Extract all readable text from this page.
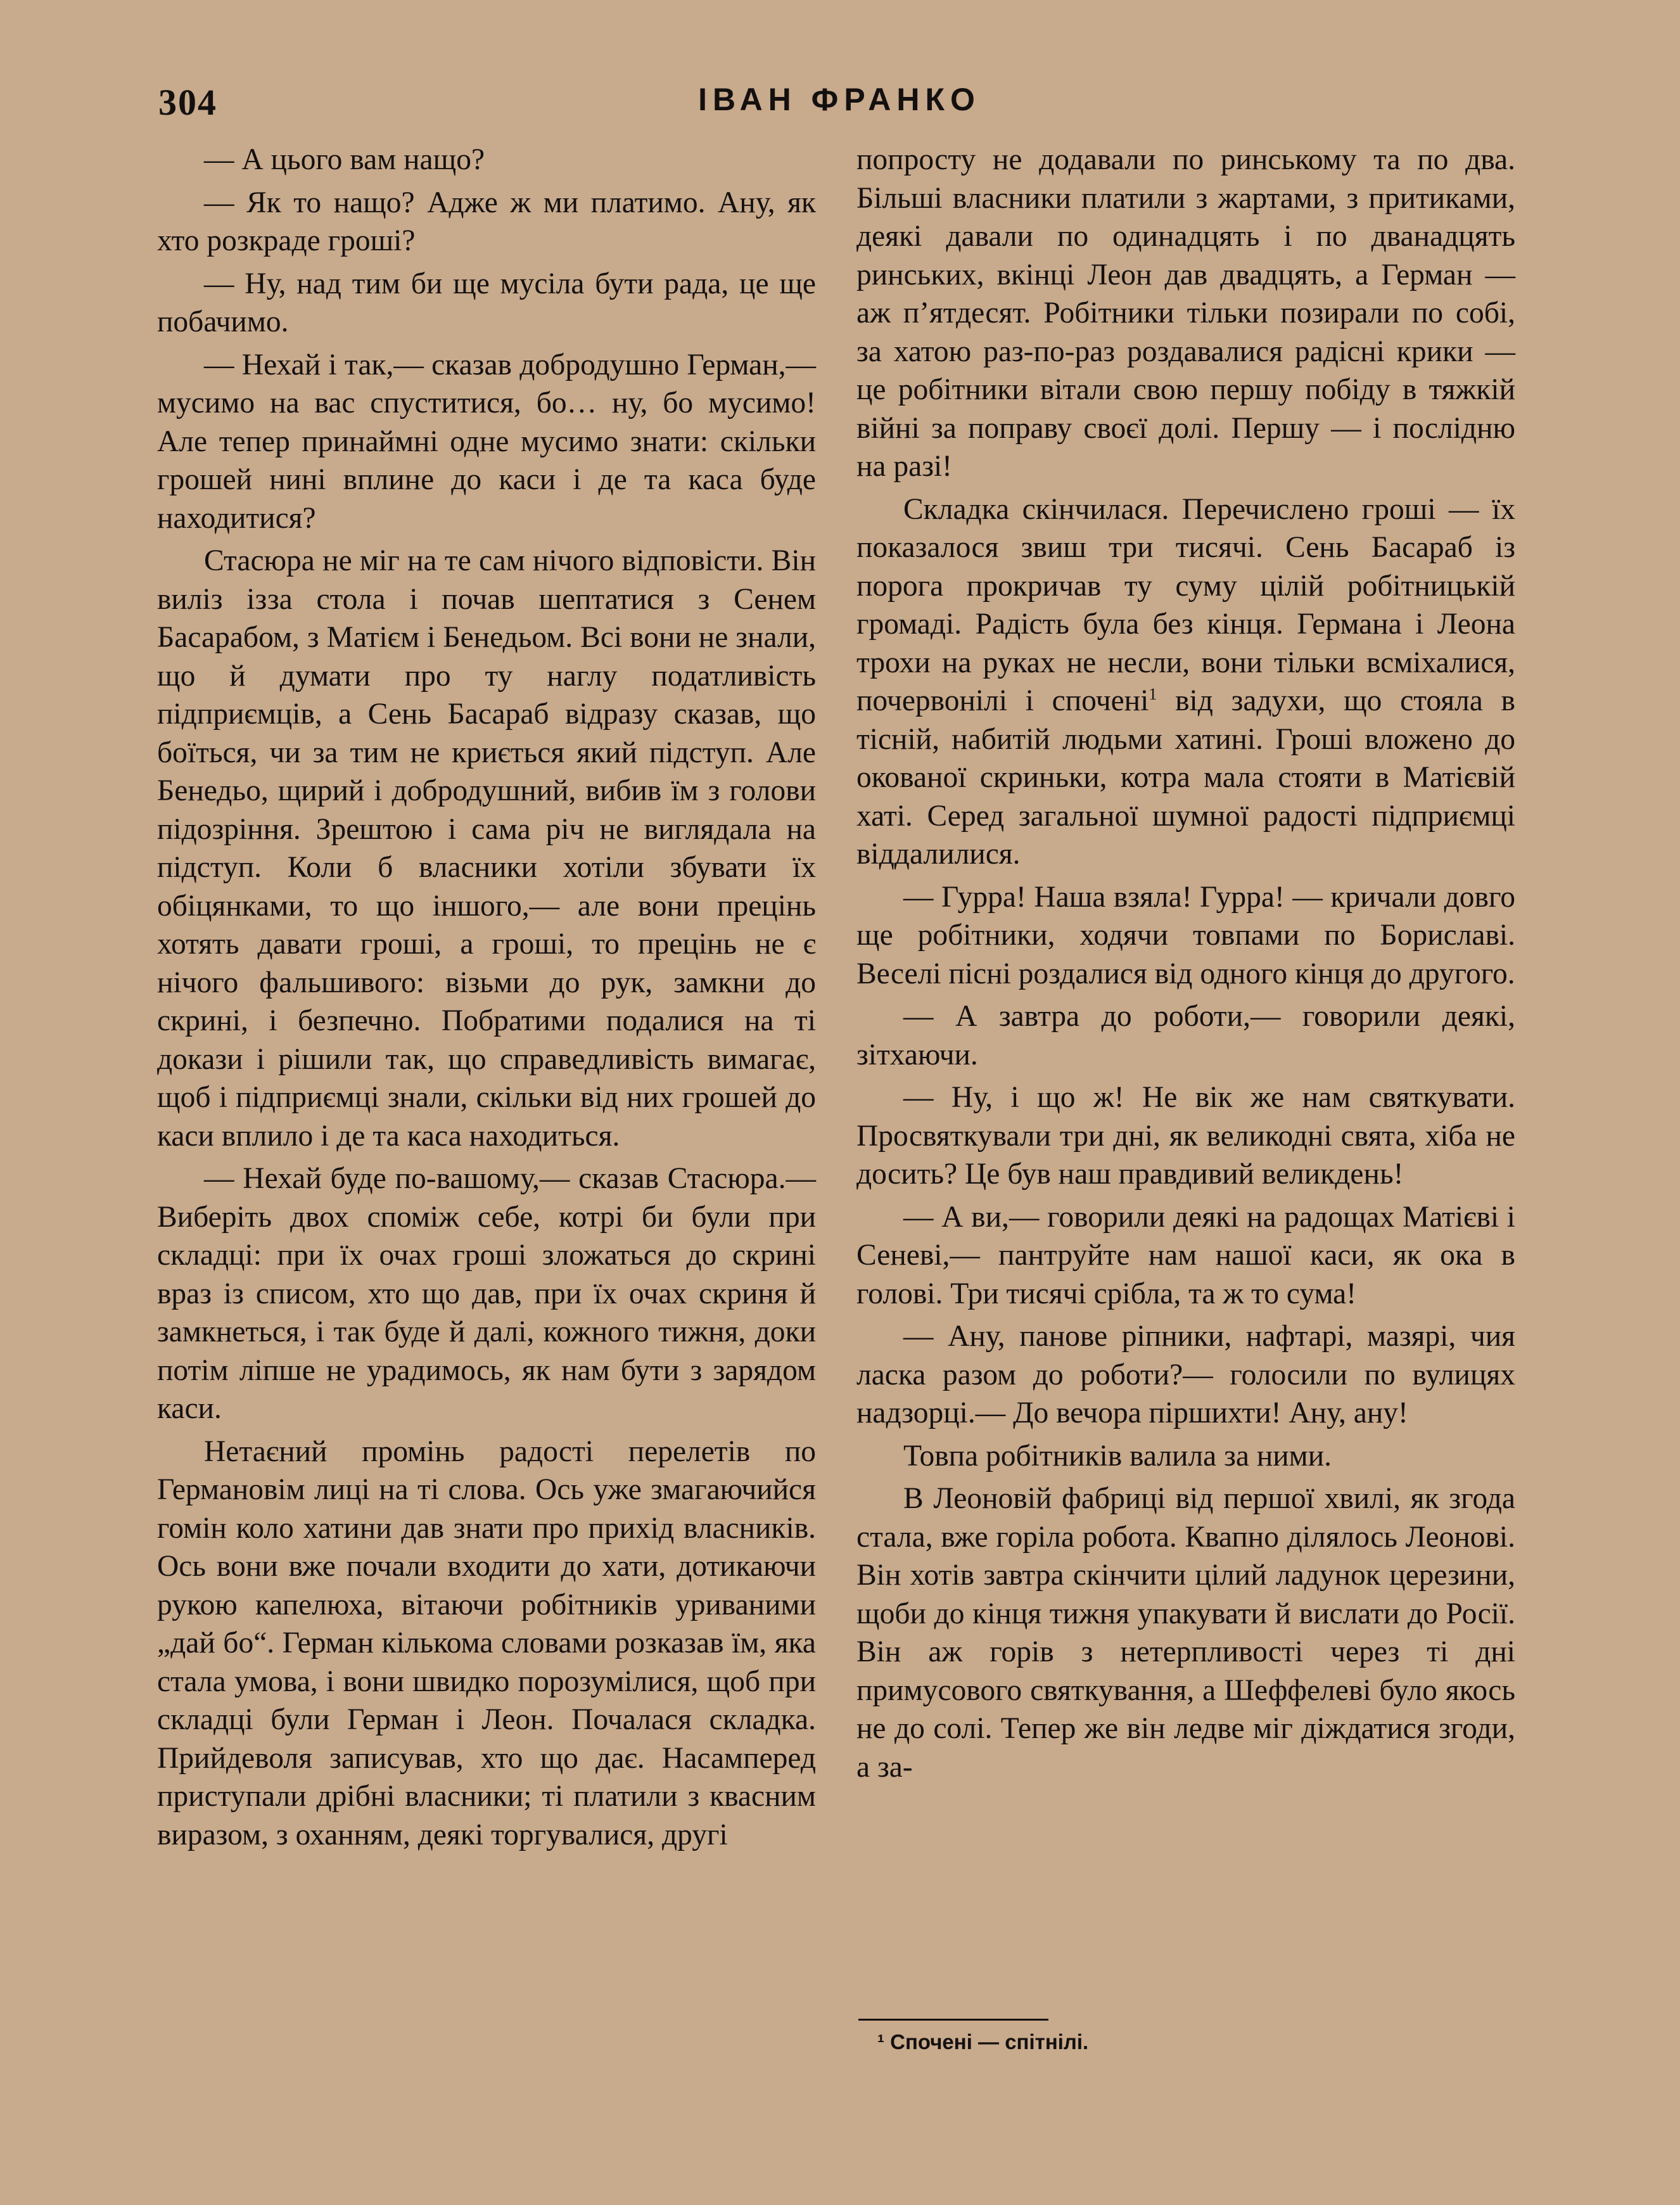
304	ІВАН ФРАНКО

— А цього вам нащо?

— Як то нащо? Адже ж ми платимо. Ану, як хто розкраде гроші?

— Ну, над тим би ще мусіла бути рада, це ще побачимо.

— Нехай і так,— сказав добродушно Герман,— мусимо на вас спуститися, бо… ну, бо мусимо! Але тепер принаймні одне мусимо знати: скільки грошей нині вплине до каси і де та каса буде находитися?

Стасюра не міг на те сам нічого відповісти. Він виліз ізза стола і почав шептатися з Сенем Басарабом, з Матієм і Бенедьом. Всі вони не знали, що й думати про ту наглу податливість підприємців, а Сень Басараб відразу сказав, що боїться, чи за тим не криється який підступ. Але Бенедьо, щирий і добродушний, вибив їм з голови підозріння. Зрештою і сама річ не виглядала на підступ. Коли б власники хотіли збувати їх обіцянками, то що іншого,— але вони прецінь хотять давати гроші, а гроші, то прецінь не є нічого фальшивого: візьми до рук, замкни до скрині, і безпечно. Побратими подалися на ті докази і рішили так, що справедливість вимагає, щоб і підприємці знали, скільки від них грошей до каси вплило і де та каса находиться.

— Нехай буде по-вашому,— сказав Стасюра.— Виберіть двох споміж себе, котрі би були при складці: при їх очах гроші зложаться до скрині враз із списом, хто що дав, при їх очах скриня й замкнеться, і так буде й далі, кожного тижня, доки потім ліпше не урадимось, як нам бути з зарядом каси.

Нетаєний промінь радості перелетів по Германовім лиці на ті слова. Ось уже змагаючийся гомін коло хатини дав знати про прихід власників. Ось вони вже почали входити до хати, дотикаючи рукою капелюха, вітаючи робітників уриваними „дай бо“. Герман кількома словами розказав їм, яка стала умова, і вони швидко порозумілися, щоб при складці були Герман і Леон. Почалася складка. Прийдеволя записував, хто що дає. Насамперед приступали дрібні власники; ті платили з квасним виразом, з оханням, деякі торгувалися, другі

попросту не додавали по ринському та по два. Більші власники платили з жартами, з притиками, деякі давали по одинадцять і по дванадцять ринських, вкінці Леон дав двадцять, а Герман — аж п’ятдесят. Робітники тільки позирали по собі, за хатою раз-по-раз роздавалися радісні крики — це робітники вітали свою першу побіду в тяжкій війні за поправу своєї долі. Першу — і послідню на разі!

Складка скінчилася. Перечислено гроші — їх показалося звиш три тисячі. Сень Басараб із порога прокричав ту суму цілій робітницькій громаді. Радість була без кінця. Германа і Леона трохи на руках не несли, вони тільки всміхалися, почервонілі і спочені$^1$ від задухи, що стояла в тісній, набитій людьми хатині. Гроші вложено до окованої скриньки, котра мала стояти в Матієвій хаті. Серед загальної шумної радості підприємці віддалилися.

— Гурра! Наша взяла! Гурра! — кричали довго ще робітники, ходячи товпами по Бориславі. Веселі пісні роздалися від одного кінця до другого.

— А завтра до роботи,— говорили деякі, зітхаючи.

— Ну, і що ж! Не вік же нам святкувати. Просвяткували три дні, як великодні свята, хіба не досить? Це був наш правдивий великдень!

— А ви,— говорили деякі на радощах Матієві і Сеневі,— пантруйте нам нашої каси, як ока в голові. Три тисячі срібла, та ж то сума!

— Ану, панове ріпники, нафтарі, мазярі, чия ласка разом до роботи?— голосили по вулицях надзорці.— До вечора піршихти! Ану, ану!

Товпа робітників валила за ними.

В Леоновій фабриці від першої хвилі, як згода стала, вже горіла робота. Квапно ділялось Леонові. Він хотів завтра скінчити цілий ладунок церезини, щоби до кінця тижня упакувати й вислати до Росії. Він аж горів з нетерпливості через ті дні примусового святкування, а Шеффелеві було якось не до солі. Тепер же він ледве міг діждатися згоди, а за-

¹ Спочені — спітнілі.
